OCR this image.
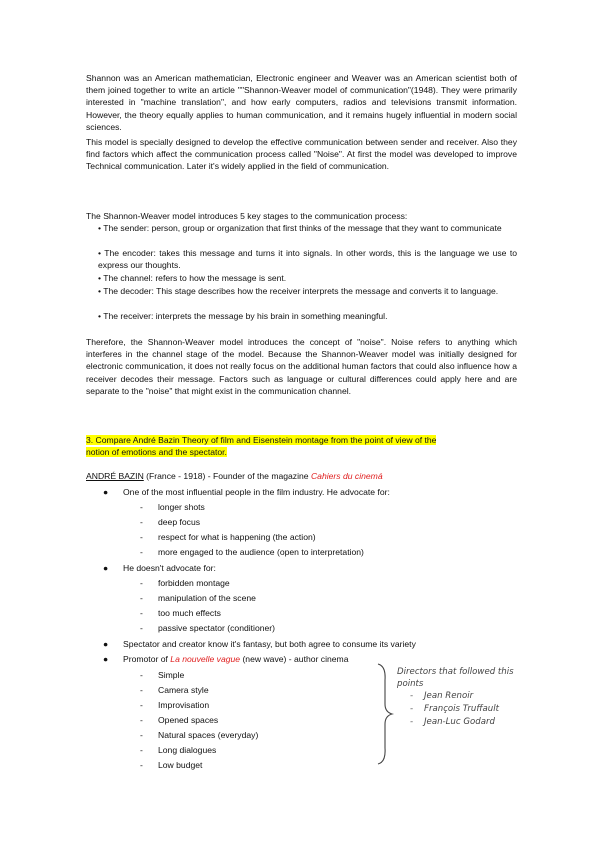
Shannon was an American mathematician, Electronic engineer and Weaver was an American scientist both of them joined together to write an article ""Shannon-Weaver model of communication"(1948). They were primarily interested in "machine translation", and how early computers, radios and televisions transmit information. However, the theory equally applies to human communication, and it remains hugely influential in modern social sciences.

This model is specially designed to develop the effective communication between sender and receiver. Also they find factors which affect the communication process called "Noise". At first the model was developed to improve Technical communication. Later it's widely applied in the field of communication.

The Shannon-Weaver model introduces 5 key stages to the communication process:

• The sender: person, group or organization that first thinks of the message that they want to communicate
• The encoder: takes this message and turns it into signals. In other words, this is the language we use to express our thoughts.
• The channel: refers to how the message is sent.
• The decoder: This stage describes how the receiver interprets the message and converts it to language.
• The receiver: interprets the message by his brain in something meaningful.

Therefore, the Shannon-Weaver model introduces the concept of "noise". Noise refers to anything which interferes in the channel stage of the model. Because the Shannon-Weaver model was initially designed for electronic communication, it does not really focus on the additional human factors that could also influence how a receiver decodes their message. Factors such as language or cultural differences could apply here and are separate to the "noise" that might exist in the communication channel.

3. Compare André Bazin Theory of film and Eisenstein montage from the point of view of the

notion of emotions and the spectator.

ANDRÉ BAZIN (France - 1918) - Founder of the magazine Cahiers du cinemá

● One of the most influential people in the film industry. He advocate for:
- longer shots
- deep focus
- respect for what is happening (the action)
- more engaged to the audience (open to interpretation)
● He doesn't advocate for:
- forbidden montage
- manipulation of the scene
- too much effects
- passive spectator (conditioner)
● Spectator and creator know it's fantasy, but both agree to consume its variety
● Promotor of La nouvelle vague (new wave) - author cinema
- Simple
- Camera style
- Improvisation
- Opened spaces
- Natural spaces (everyday)
- Long dialogues
- Low budget
Directors that followed this
points
- Jean Renoir
- François Truffault
- Jean-Luc Godard
